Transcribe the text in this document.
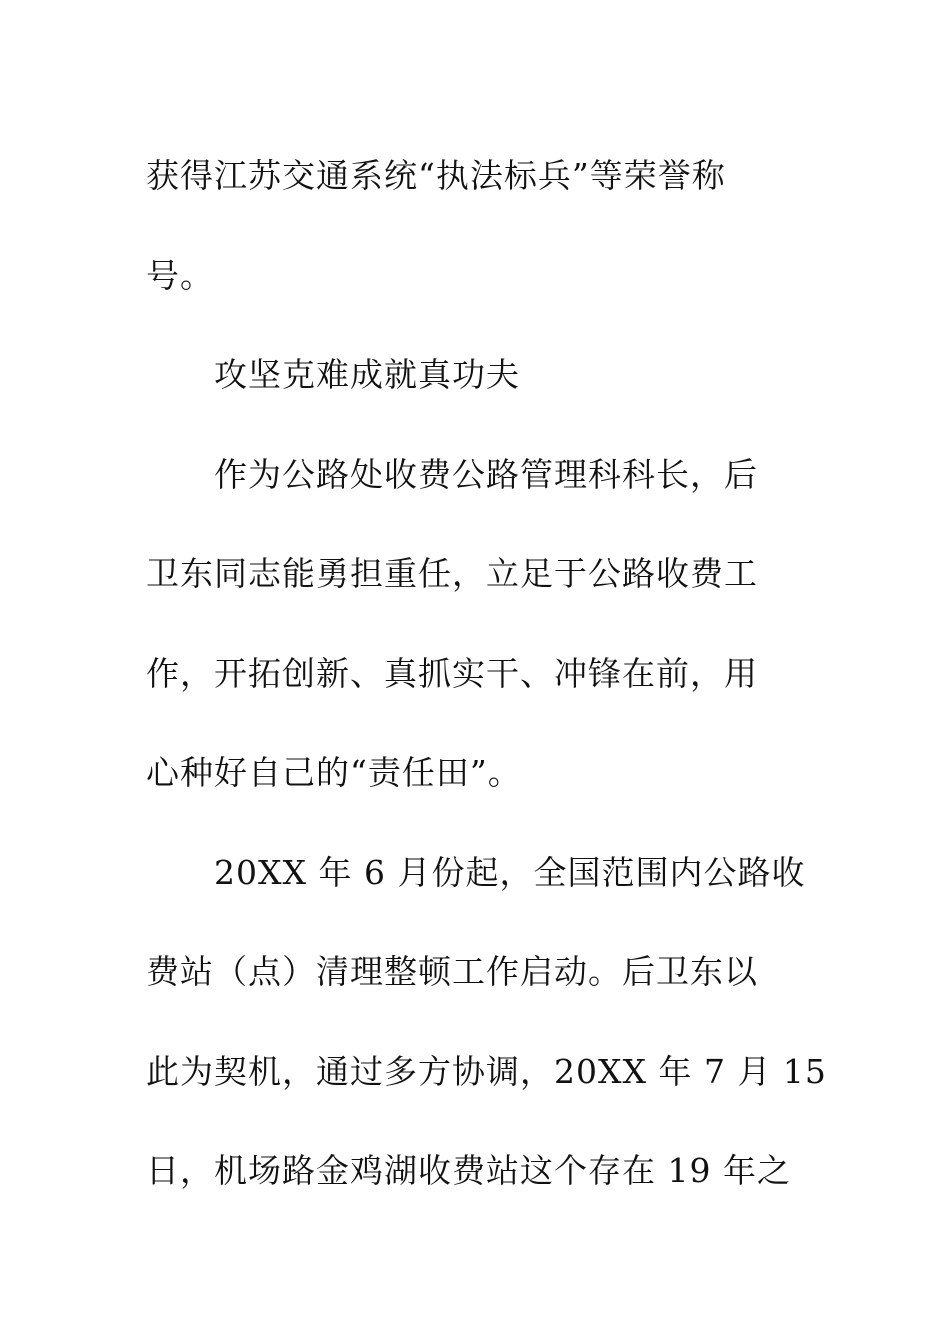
获得江苏交通系统“执法标兵”等荣誉称
号。
攻坚克难成就真功夫
作为公路处收费公路管理科科长，后
卫东同志能勇担重任，立足于公路收费工
作，开拓创新、真抓实干、冲锋在前，用
心种好自己的“责任田”。
20XX 年 6 月份起，全国范围内公路收
费站（点）清理整顿工作启动。后卫东以
此为契机，通过多方协调，20XX 年 7 月 15
日，机场路金鸡湖收费站这个存在 19 年之
